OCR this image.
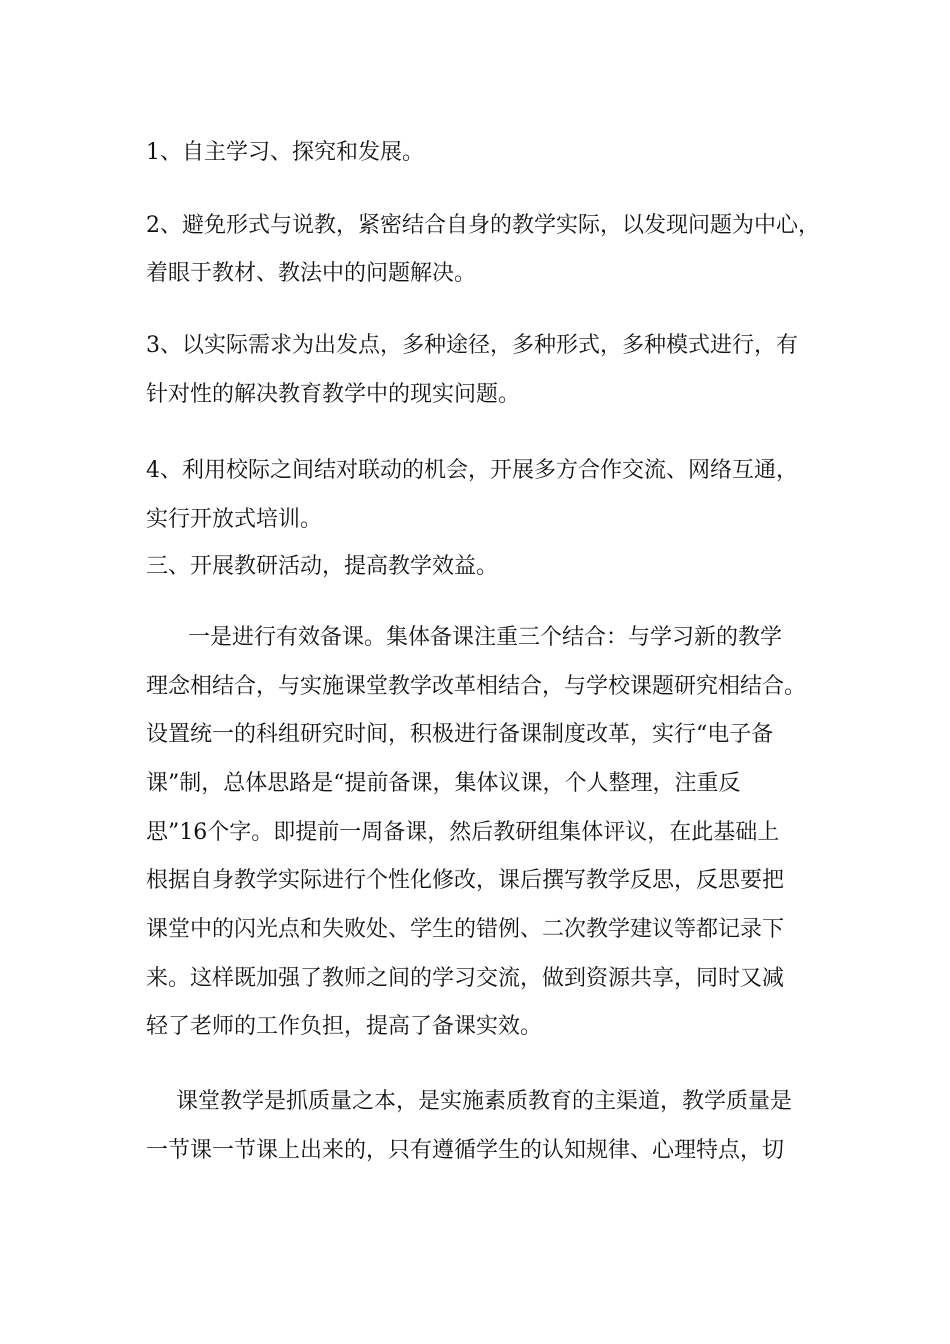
1、自主学习、探究和发展。
2、避免形式与说教，紧密结合自身的教学实际，以发现问题为中心，
着眼于教材、教法中的问题解决。
3、以实际需求为出发点，多种途径，多种形式，多种模式进行，有
针对性的解决教育教学中的现实问题。
4、利用校际之间结对联动的机会，开展多方合作交流、网络互通，
实行开放式培训。
三、开展教研活动，提高教学效益。
一是进行有效备课。集体备课注重三个结合：与学习新的教学
理念相结合，与实施课堂教学改革相结合，与学校课题研究相结合。
设置统一的科组研究时间，积极进行备课制度改革，实行“电子备
课”制，总体思路是“提前备课，集体议课，个人整理，注重反
思”16个字。即提前一周备课，然后教研组集体评议，在此基础上
根据自身教学实际进行个性化修改，课后撰写教学反思，反思要把
课堂中的闪光点和失败处、学生的错例、二次教学建议等都记录下
来。这样既加强了教师之间的学习交流，做到资源共享，同时又减
轻了老师的工作负担，提高了备课实效。
课堂教学是抓质量之本，是实施素质教育的主渠道，教学质量是
一节课一节课上出来的，只有遵循学生的认知规律、心理特点，切
